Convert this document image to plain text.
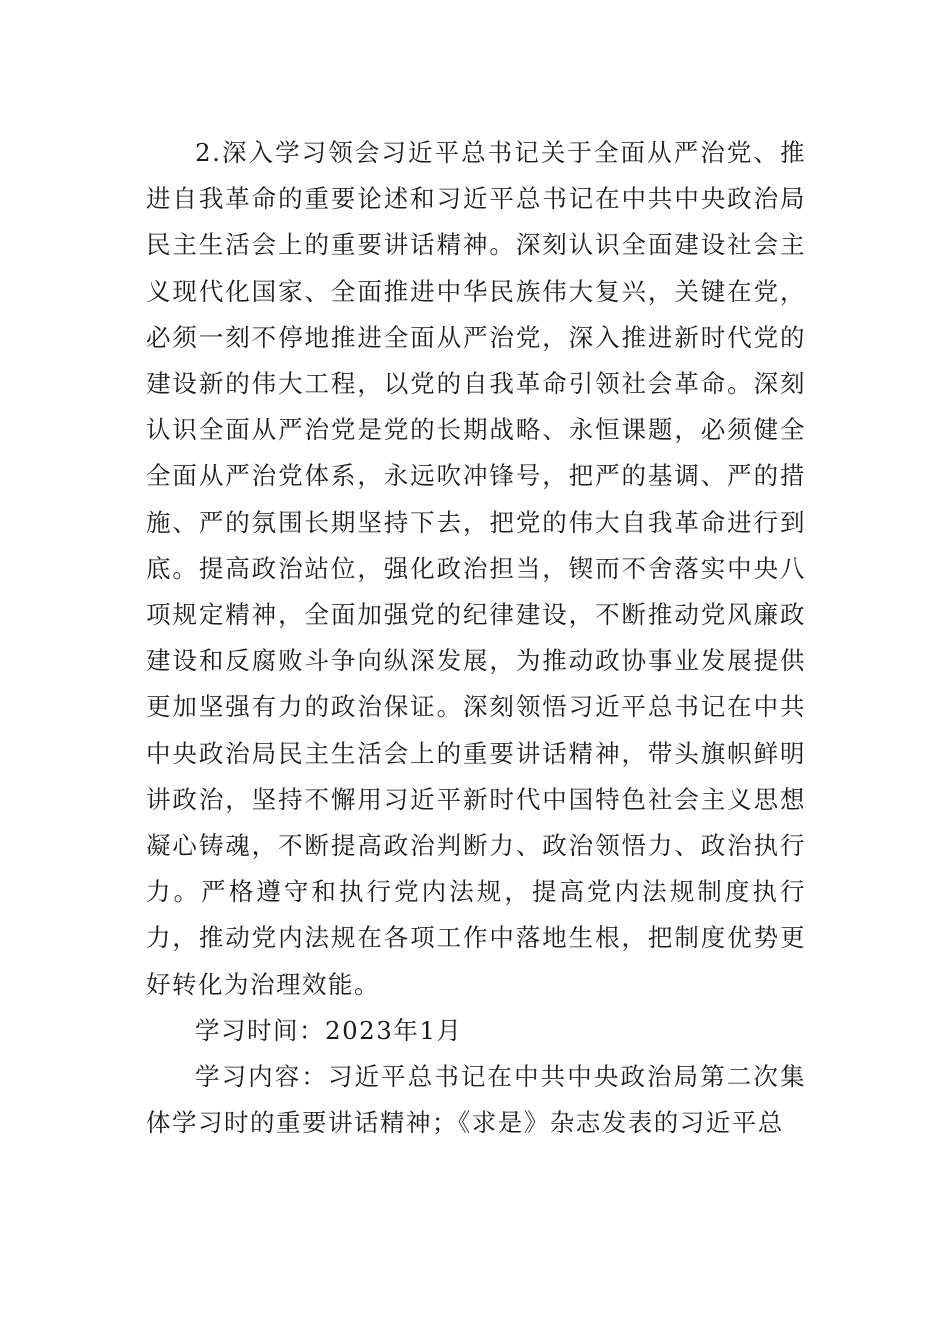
2.深入学习领会习近平总书记关于全面从严治党、推进自我革命的重要论述和习近平总书记在中共中央政治局民主生活会上的重要讲话精神。深刻认识全面建设社会主义现代化国家、全面推进中华民族伟大复兴，关键在党，必须一刻不停地推进全面从严治党，深入推进新时代党的建设新的伟大工程，以党的自我革命引领社会革命。深刻认识全面从严治党是党的长期战略、永恒课题，必须健全全面从严治党体系，永远吹冲锋号，把严的基调、严的措施、严的氛围长期坚持下去，把党的伟大自我革命进行到底。提高政治站位，强化政治担当，锲而不舍落实中央八项规定精神，全面加强党的纪律建设，不断推动党风廉政建设和反腐败斗争向纵深发展，为推动政协事业发展提供更加坚强有力的政治保证。深刻领悟习近平总书记在中共中央政治局民主生活会上的重要讲话精神，带头旗帜鲜明讲政治，坚持不懈用习近平新时代中国特色社会主义思想凝心铸魂，不断提高政治判断力、政治领悟力、政治执行力。严格遵守和执行党内法规，提高党内法规制度执行力，推动党内法规在各项工作中落地生根，把制度优势更好转化为治理效能。

学习时间：2023年1月

学习内容：习近平总书记在中共中央政治局第二次集体学习时的重要讲话精神；《求是》杂志发表的习近平总
